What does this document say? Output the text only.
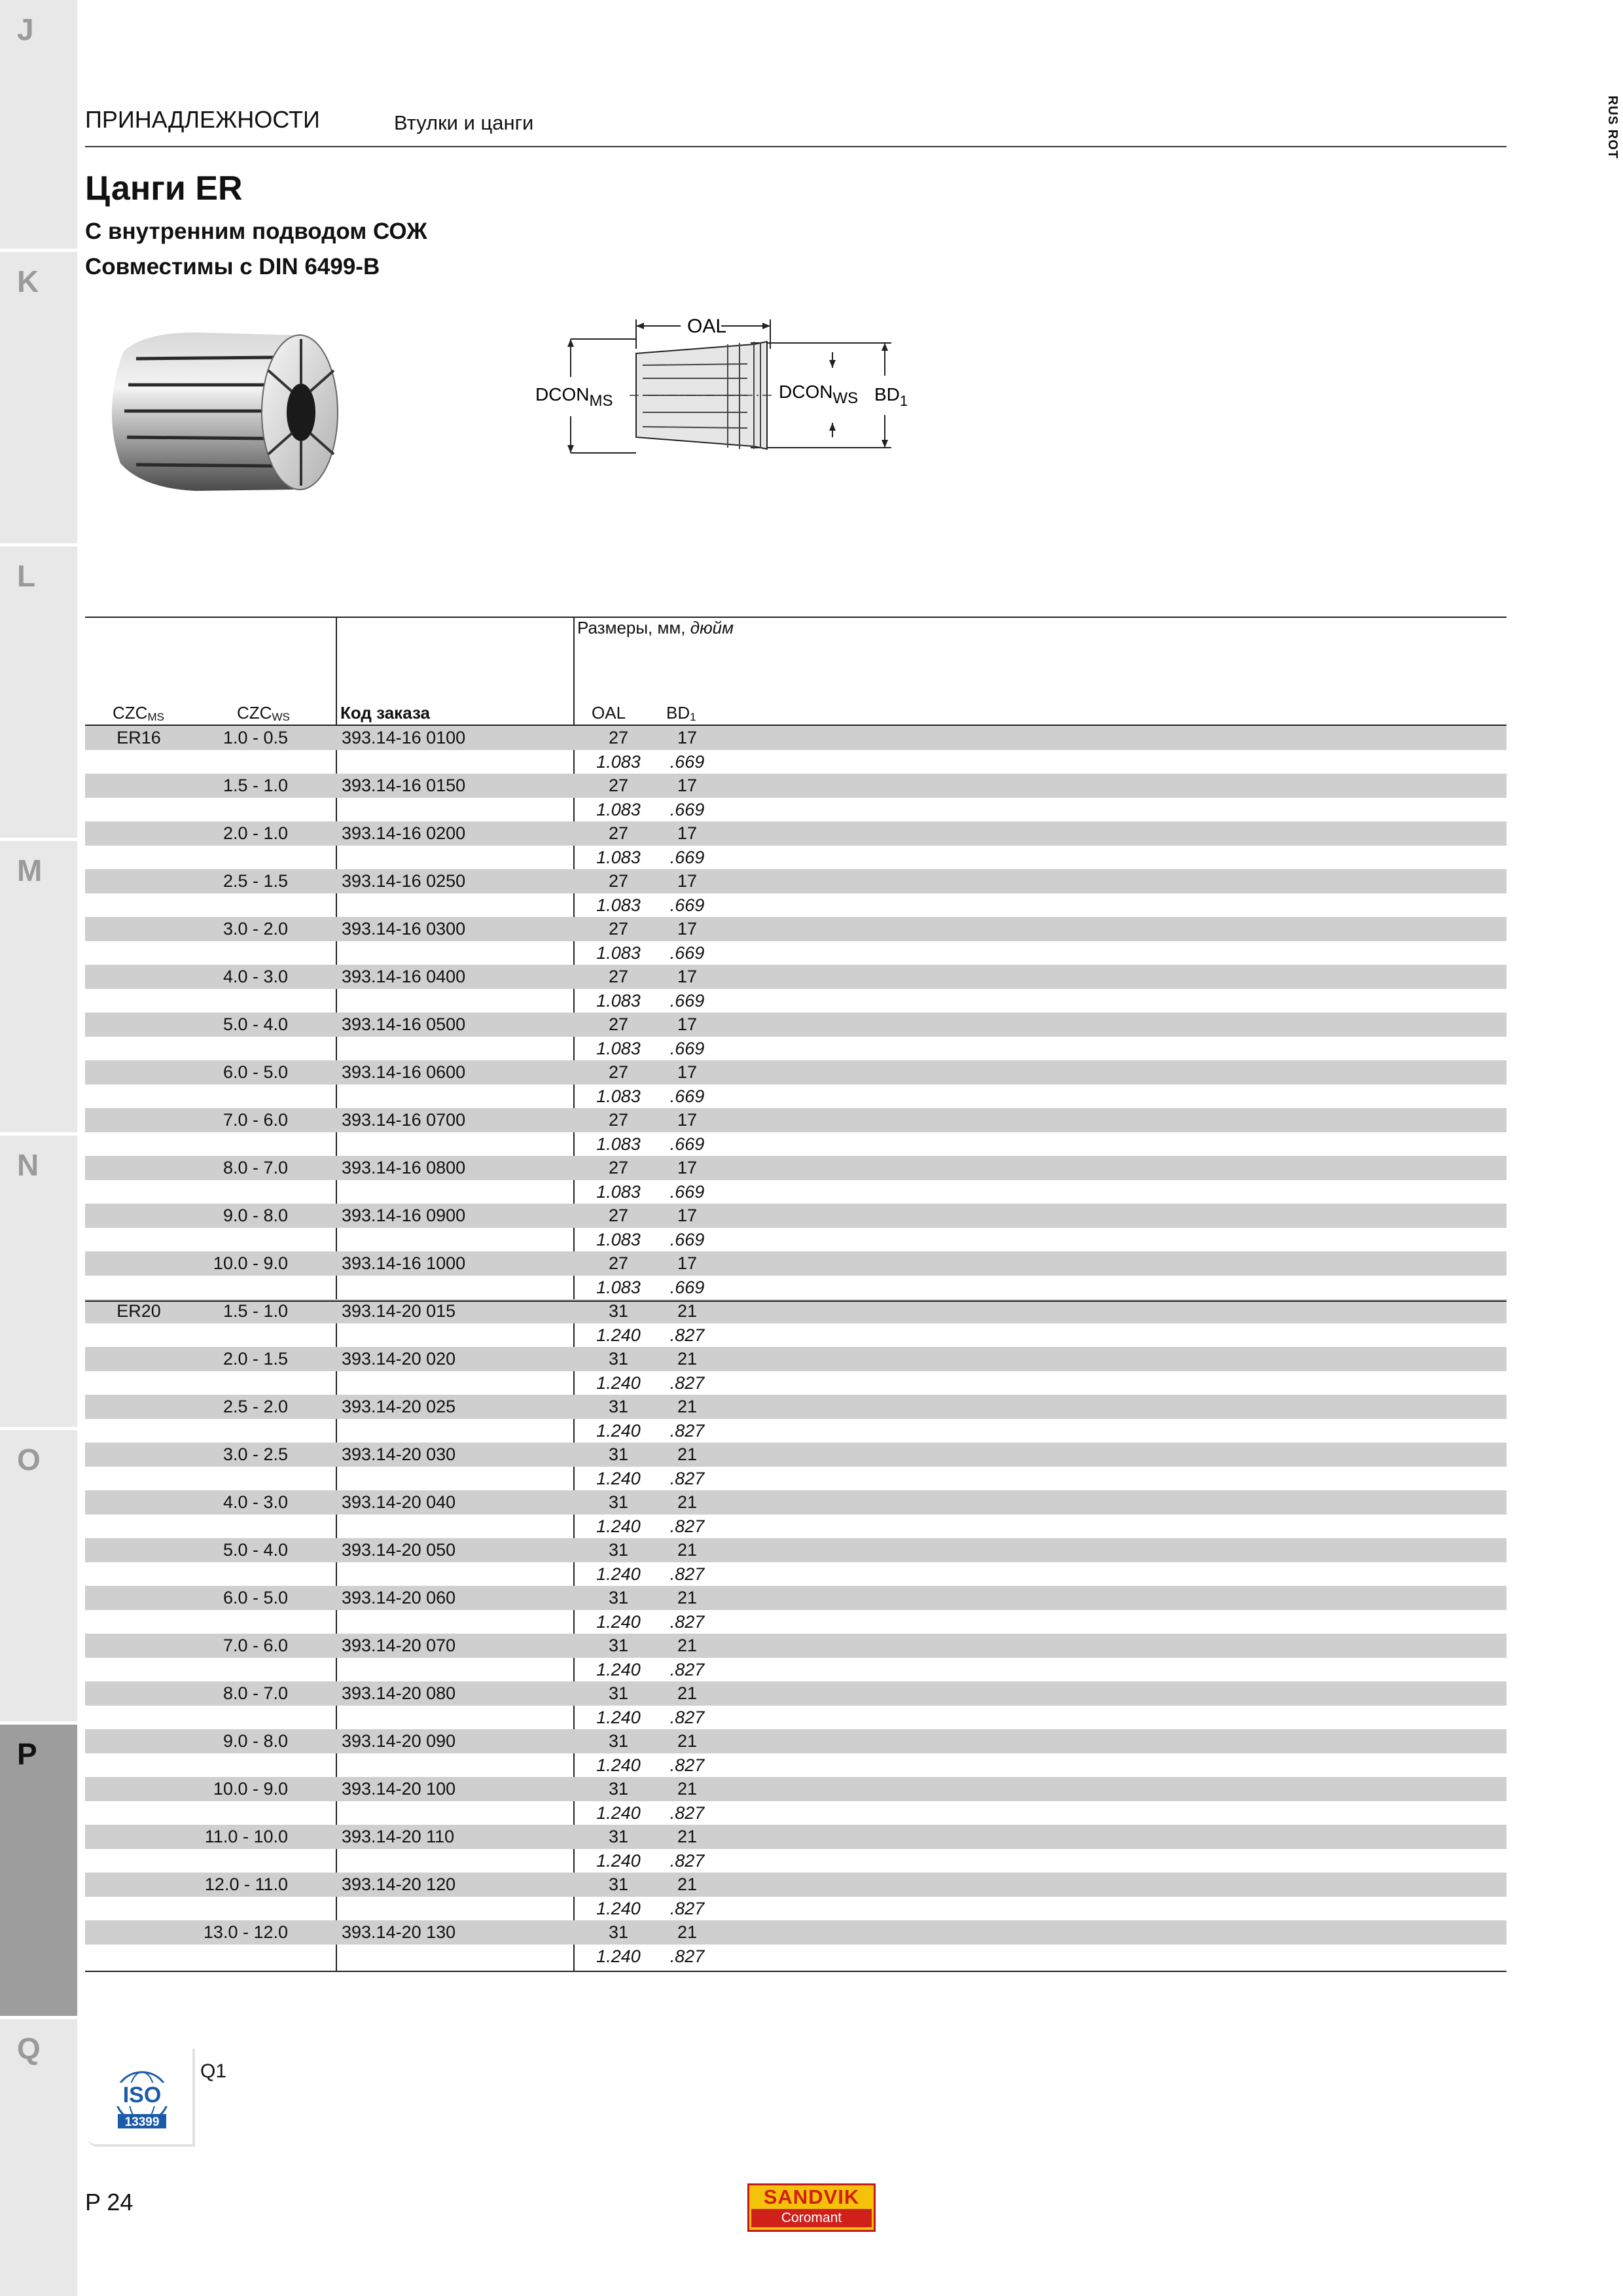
J
K
L
M
N
O
P
Q
RUS ROT
ПРИНАДЛЕЖНОСТИ	Втулки и цанги
Цанги ER
С внутренним подводом СОЖ
Совместимы с DIN 6499-B
OAL
DCONMS	DCONWS $BD_1$
Размеры, мм, дюйм
$CZC_{MS}$	$CZC_{WS}$	Код заказа	OAL $BD_1$
ER16	1.0 - 0.5	393.14-16 0100	27	17
1.083	.669
1.5 - 1.0	393.14-16 0150	27	17
1.083	.669
2.0 - 1.0	393.14-16 0200	27	17
1.083	.669
2.5 - 1.5	393.14-16 0250	27	17
1.083	.669
3.0 - 2.0	393.14-16 0300	27	17
1.083	.669
4.0 - 3.0	393.14-16 0400	27	17
1.083	.669
5.0 - 4.0	393.14-16 0500	27	17
1.083	.669
6.0 - 5.0	393.14-16 0600	27	17
1.083	.669
7.0 - 6.0	393.14-16 0700	27	17
1.083	.669
8.0 - 7.0	393.14-16 0800	27	17
1.083	.669
9.0 - 8.0	393.14-16 0900	27	17
1.083	.669
10.0 - 9.0	393.14-16 1000	27	17
1.083	.669
ER20	1.5 - 1.0	393.14-20 015	31	21
1.240	.827
2.0 - 1.5	393.14-20 020	31	21
1.240	.827
2.5 - 2.0	393.14-20 025	31	21
1.240	.827
3.0 - 2.5	393.14-20 030	31	21
1.240	.827
4.0 - 3.0	393.14-20 040	31	21
1.240	.827
5.0 - 4.0	393.14-20 050	31	21
1.240	.827
6.0 - 5.0	393.14-20 060	31	21
1.240	.827
7.0 - 6.0	393.14-20 070	31	21
1.240	.827
8.0 - 7.0	393.14-20 080	31	21
1.240	.827
9.0 - 8.0	393.14-20 090	31	21
1.240	.827
10.0 - 9.0	393.14-20 100	31	21
1.240	.827
11.0 - 10.0	393.14-20 110	31	21
1.240	.827
12.0 - 11.0	393.14-20 120	31	21
1.240	.827
13.0 - 12.0	393.14-20 130	31	21
1.240	.827
ISO
13399
Q1
P 24	SANDVIK
Coromant
